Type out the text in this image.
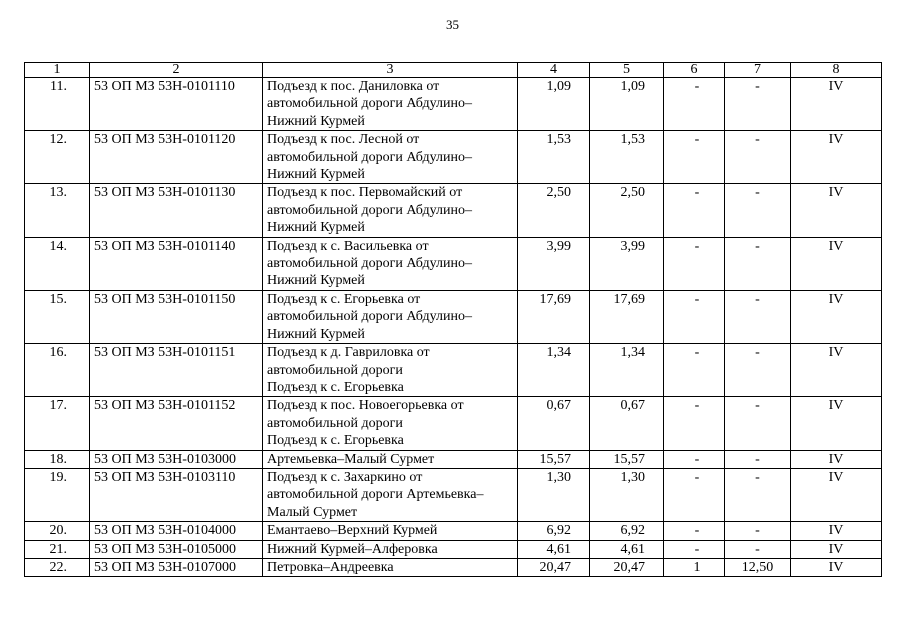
35
1	2	3	4	5	6	7	8
11.	53 ОП МЗ 53Н-0101110	Подъезд к пос. Даниловка от
автомобильной дороги Абдулино–
Нижний Курмей	1,09	1,09	-	-	IV
12.	53 ОП МЗ 53Н-0101120	Подъезд к пос. Лесной от
автомобильной дороги Абдулино–
Нижний Курмей	1,53	1,53	-	-	IV
13.	53 ОП МЗ 53Н-0101130	Подъезд к пос. Первомайский от
автомобильной дороги Абдулино–
Нижний Курмей	2,50	2,50	-	-	IV
14.	53 ОП МЗ 53Н-0101140	Подъезд к с. Васильевка от
автомобильной дороги Абдулино–
Нижний Курмей	3,99	3,99	-	-	IV
15.	53 ОП МЗ 53Н-0101150	Подъезд к с. Егорьевка от
автомобильной дороги Абдулино–
Нижний Курмей	17,69	17,69	-	-	IV
16.	53 ОП МЗ 53Н-0101151	Подъезд к д. Гавриловка от
автомобильной дороги
Подъезд к с. Егорьевка	1,34	1,34	-	-	IV
17.	53 ОП МЗ 53Н-0101152	Подъезд к пос. Новоегорьевка от
автомобильной дороги
Подъезд к с. Егорьевка	0,67	0,67	-	-	IV
18.	53 ОП МЗ 53Н-0103000	Артемьевка–Малый Сурмет	15,57	15,57	-	-	IV
19.	53 ОП МЗ 53Н-0103110	Подъезд к с. Захаркино от
автомобильной дороги Артемьевка–
Малый Сурмет	1,30	1,30	-	-	IV
20.	53 ОП МЗ 53Н-0104000	Емантаево–Верхний Курмей	6,92	6,92	-	-	IV
21.	53 ОП МЗ 53Н-0105000	Нижний Курмей–Алферовка	4,61	4,61	-	-	IV
22.	53 ОП МЗ 53Н-0107000	Петровка–Андреевка	20,47	20,47	1	12,50	IV
